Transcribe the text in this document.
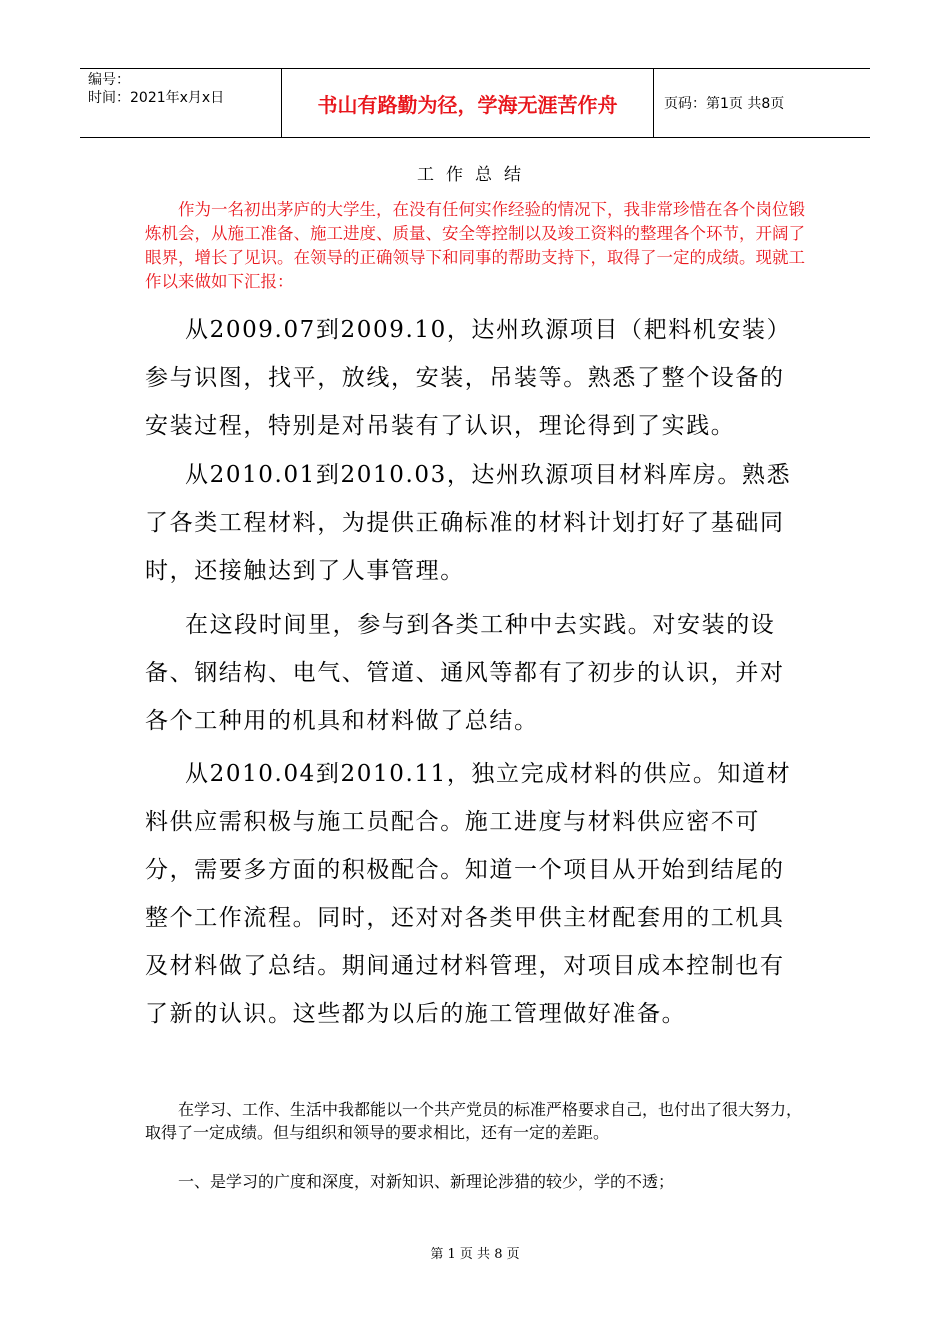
编号：
时间：2021年x月x日	书山有路勤为径，学海无涯苦作舟	页码：第1页 共8页
工作总结

作为一名初出茅庐的大学生，在没有任何实作经验的情况下，我非常珍惜在各个岗位锻炼机会，从施工准备、施工进度、质量、安全等控制以及竣工资料的整理各个环节，开阔了眼界，增长了见识。在领导的正确领导下和同事的帮助支持下，取得了一定的成绩。现就工作以来做如下汇报：

从2009.07到2009.10，达州玖源项目（耙料机安装）参与识图，找平，放线，安装，吊装等。熟悉了整个设备的安装过程，特别是对吊装有了认识，理论得到了实践。

从2010.01到2010.03，达州玖源项目材料库房。熟悉了各类工程材料，为提供正确标准的材料计划打好了基础同时，还接触达到了人事管理。

在这段时间里，参与到各类工种中去实践。对安装的设备、钢结构、电气、管道、通风等都有了初步的认识，并对各个工种用的机具和材料做了总结。

从2010.04到2010.11，独立完成材料的供应。知道材料供应需积极与施工员配合。施工进度与材料供应密不可分，需要多方面的积极配合。知道一个项目从开始到结尾的整个工作流程。同时，还对对各类甲供主材配套用的工机具及材料做了总结。期间通过材料管理，对项目成本控制也有了新的认识。这些都为以后的施工管理做好准备。

在学习、工作、生活中我都能以一个共产党员的标准严格要求自己，也付出了很大努力，取得了一定成绩。但与组织和领导的要求相比，还有一定的差距。

一、是学习的广度和深度，对新知识、新理论涉猎的较少，学的不透；

第 1 页 共 8 页
